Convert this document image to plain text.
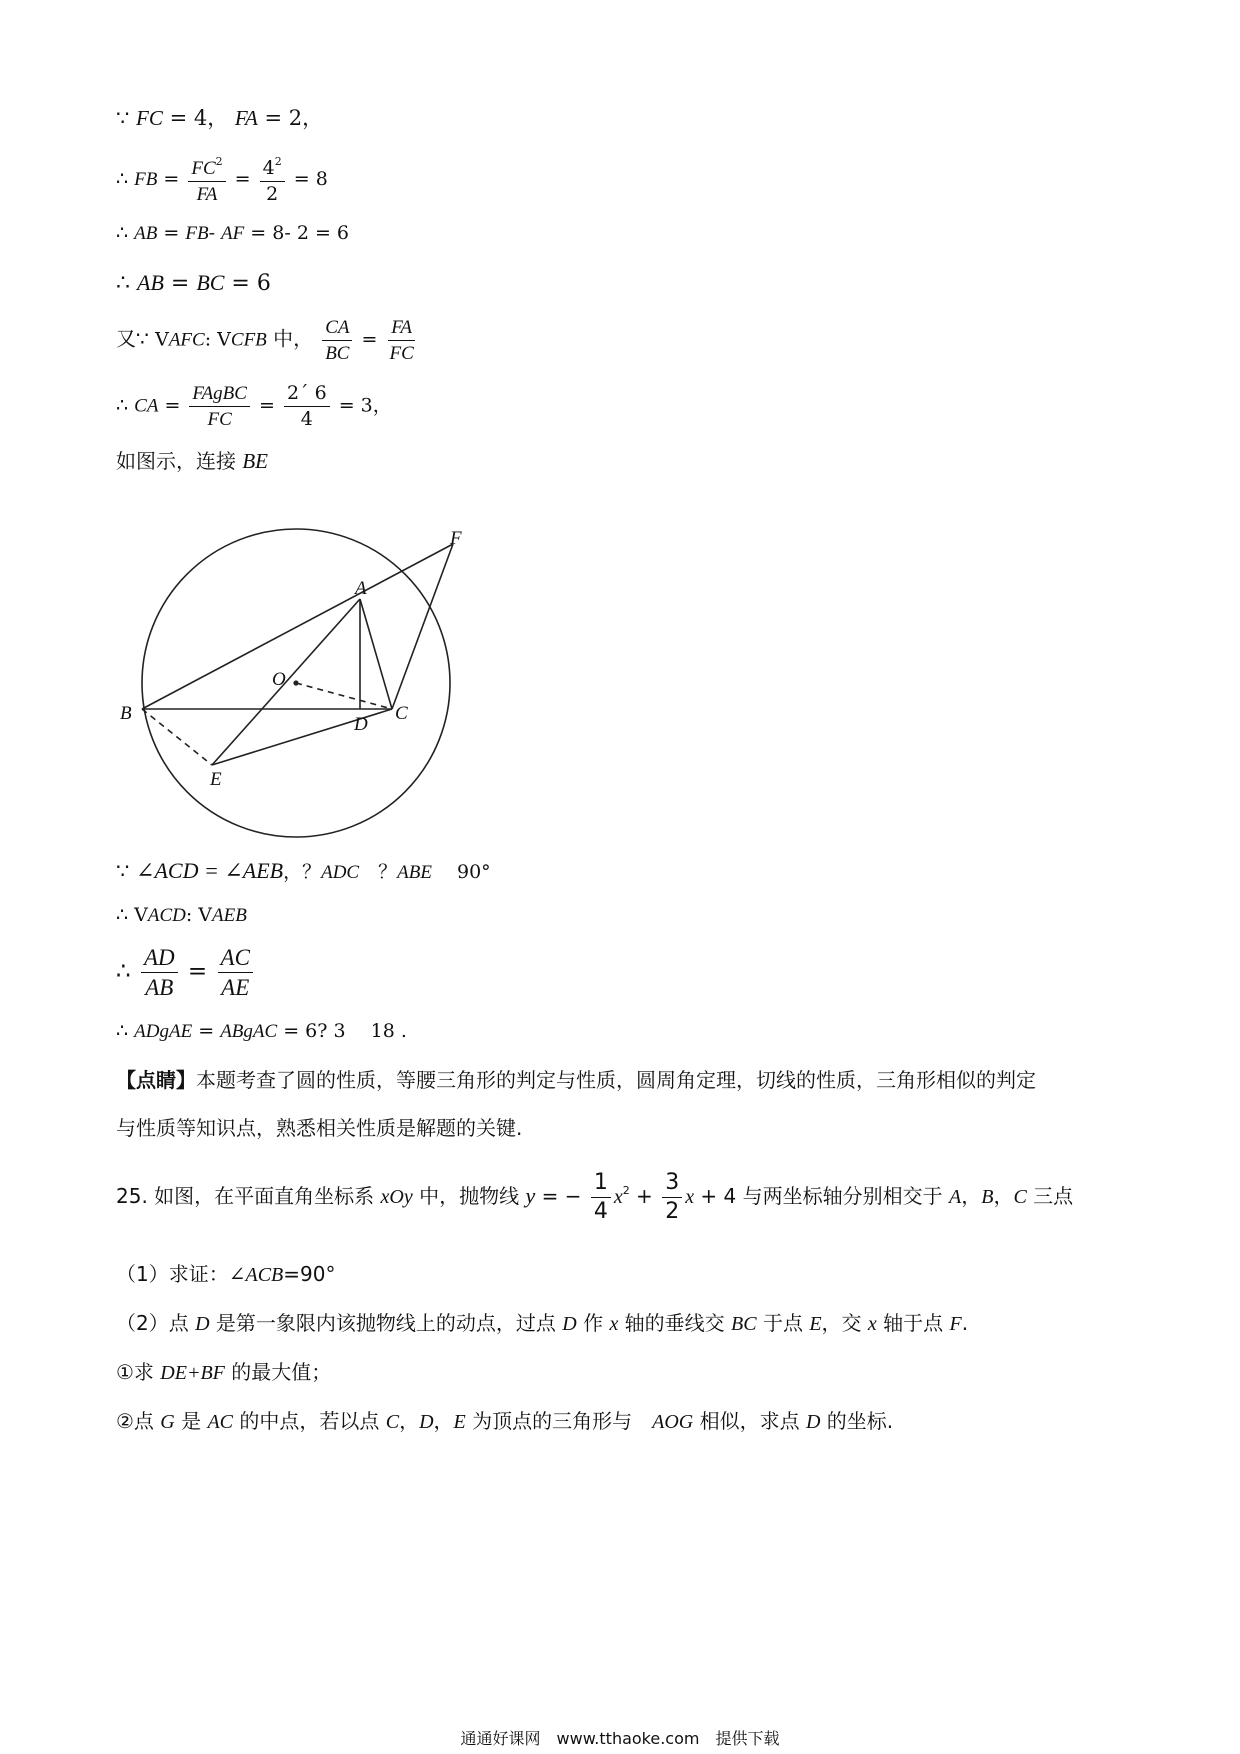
∵ FC = 4， FA = 2，
∴ FB = $\frac{FC^2}{FA} = \frac{4^2}{2} = 8$
∴ AB = FB‑ AF = 8‑ 2 = 6
∴ AB = BC = 6
又∵ VAFC: VCFB 中， $\frac{CA}{BC} = \frac{FA}{FC}$
∴ CA = $\frac{\text{FAgBC}}{FC} = \frac{2´ 6}{4} = 3$，
如图示，连接 BE
F
A
O
B	C
D
E
∵ ∠ACD = ∠AEB，？ADC　？ABE　 90°
∴ VACD: VAEB
∴ $\frac{AD}{AB} = \frac{AC}{AE}$
∴ ADgAE = ABgAC = 6? 3　 18 .
【点睛】本题考查了圆的性质，等腰三角形的判定与性质，圆周角定理，切线的性质，三角形相似的判定
与性质等知识点，熟悉相关性质是解题的关键.
25. 如图，在平面直角坐标系 xOy 中，抛物线 y = − $\frac{1}{4} x^2 + \frac{3}{2}$ x + 4 与两坐标轴分别相交于 A，B，C 三点
（1）求证：∠ACB=90°
（2）点 D 是第一象限内该抛物线上的动点，过点 D 作 x 轴的垂线交 BC 于点 E，交 x 轴于点 F.
①求 DE+BF 的最大值；
②点 G 是 AC 的中点，若以点 C，D，E 为顶点的三角形与　AOG 相似，求点 D 的坐标.
通通好课网　www.tthaoke.com　提供下载
